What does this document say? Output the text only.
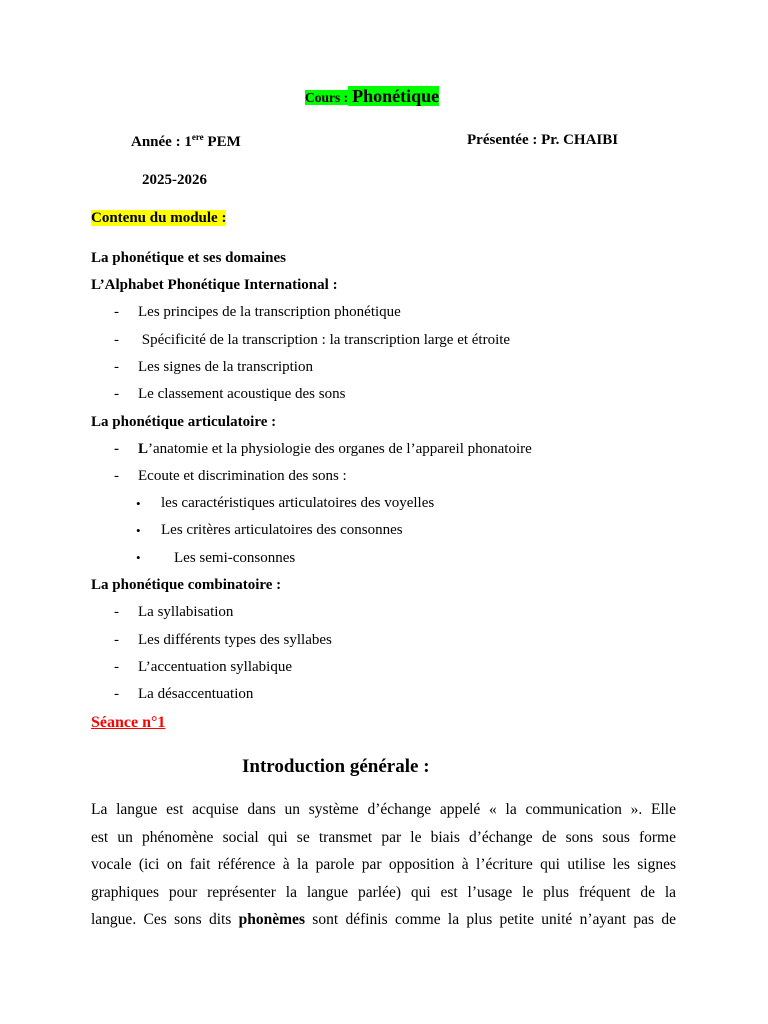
Cours : Phonétique
Année : 1ere PEM	Présentée : Pr. CHAIBI
2025-2026
Contenu du module :
La phonétique et ses domaines
L’Alphabet Phonétique International :
- Les principes de la transcription phonétique
- Spécificité de la transcription : la transcription large et étroite
- Les signes de la transcription
- Le classement acoustique des sons
La phonétique articulatoire :
- L’anatomie et la physiologie des organes de l’appareil phonatoire
- Ecoute et discrimination des sons :
• les caractéristiques articulatoires des voyelles
• Les critères articulatoires des consonnes
• Les semi-consonnes
La phonétique combinatoire :
- La syllabisation
- Les différents types des syllabes
- L’accentuation syllabique
- La désaccentuation
Séance n°1
Introduction générale :
La langue est acquise dans un système d’échange appelé « la communication ». Elle
est un phénomène social qui se transmet par le biais d’échange de sons sous forme
vocale (ici on fait référence à la parole par opposition à l’écriture qui utilise les signes
graphiques pour représenter la langue parlée) qui est l’usage le plus fréquent de la
langue. Ces sons dits phonèmes sont définis comme la plus petite unité n’ayant pas de
